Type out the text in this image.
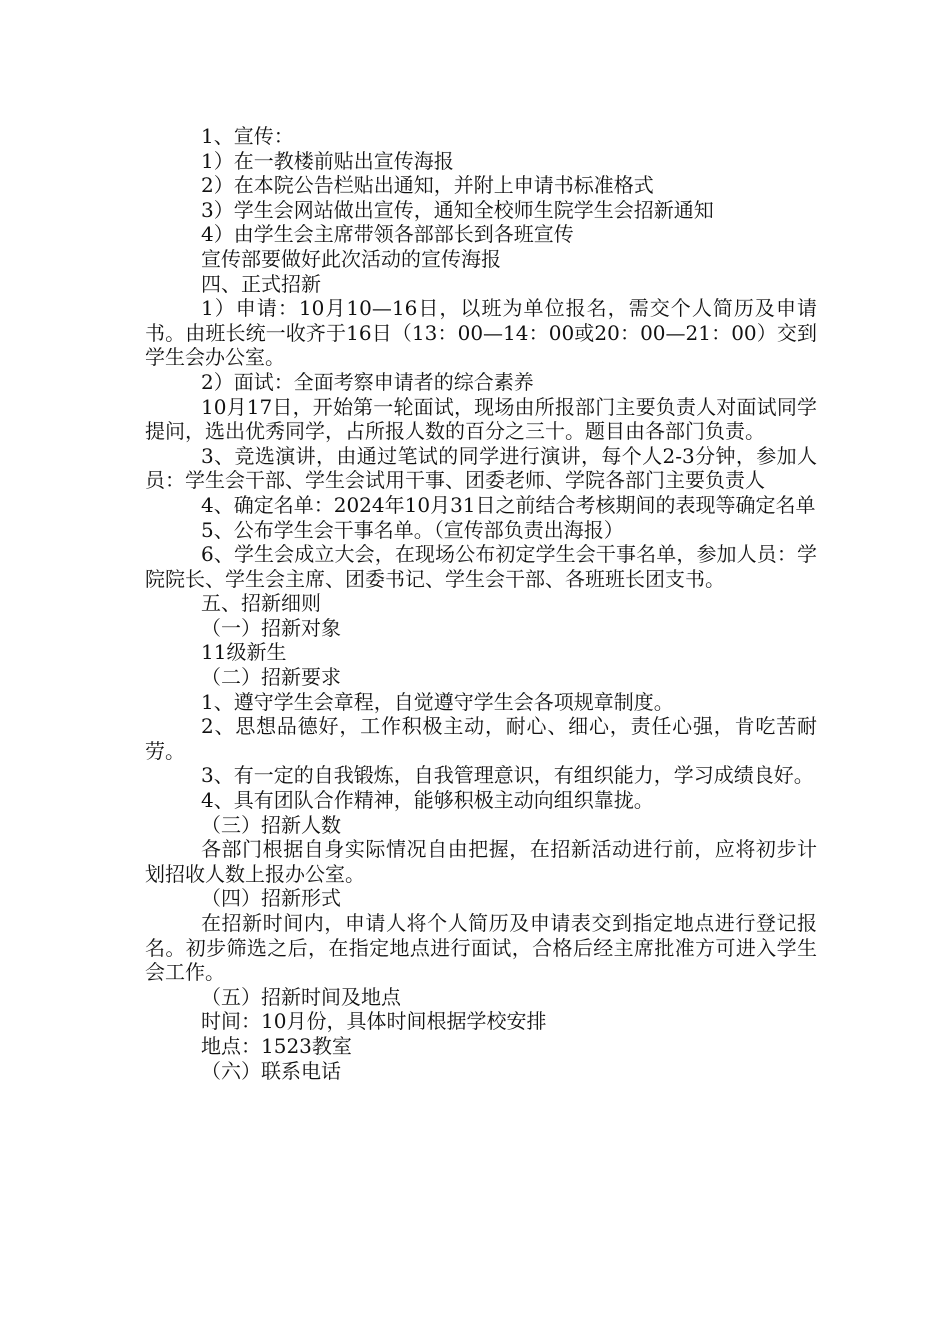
1、宣传：

1）在一教楼前贴出宣传海报

2）在本院公告栏贴出通知，并附上申请书标准格式

3）学生会网站做出宣传，通知全校师生院学生会招新通知

4）由学生会主席带领各部部长到各班宣传

宣传部要做好此次活动的宣传海报

四、正式招新

1）申请：10月10—16日，以班为单位报名，需交个人简历及申请书。由班长统一收齐于16日（13：00—14：00或20：00—21：00）交到学生会办公室。

2）面试：全面考察申请者的综合素养

10月17日，开始第一轮面试，现场由所报部门主要负责人对面试同学提问，选出优秀同学，占所报人数的百分之三十。题目由各部门负责。

3、竞选演讲，由通过笔试的同学进行演讲，每个人2-3分钟，参加人员：学生会干部、学生会试用干事、团委老师、学院各部门主要负责人

4、确定名单：2024年10月31日之前结合考核期间的表现等确定名单

5、公布学生会干事名单。（宣传部负责出海报）

6、学生会成立大会，在现场公布初定学生会干事名单，参加人员：学院院长、学生会主席、团委书记、学生会干部、各班班长团支书。

五、招新细则

（一）招新对象

11级新生

（二）招新要求

1、遵守学生会章程，自觉遵守学生会各项规章制度。

2、思想品德好，工作积极主动，耐心、细心，责任心强，肯吃苦耐劳。

3、有一定的自我锻炼，自我管理意识，有组织能力，学习成绩良好。

4、具有团队合作精神，能够积极主动向组织靠拢。

（三）招新人数

各部门根据自身实际情况自由把握，在招新活动进行前，应将初步计划招收人数上报办公室。

（四）招新形式

在招新时间内，申请人将个人简历及申请表交到指定地点进行登记报名。初步筛选之后，在指定地点进行面试，合格后经主席批准方可进入学生会工作。

（五）招新时间及地点

时间：10月份，具体时间根据学校安排

地点：1523教室

（六）联系电话
